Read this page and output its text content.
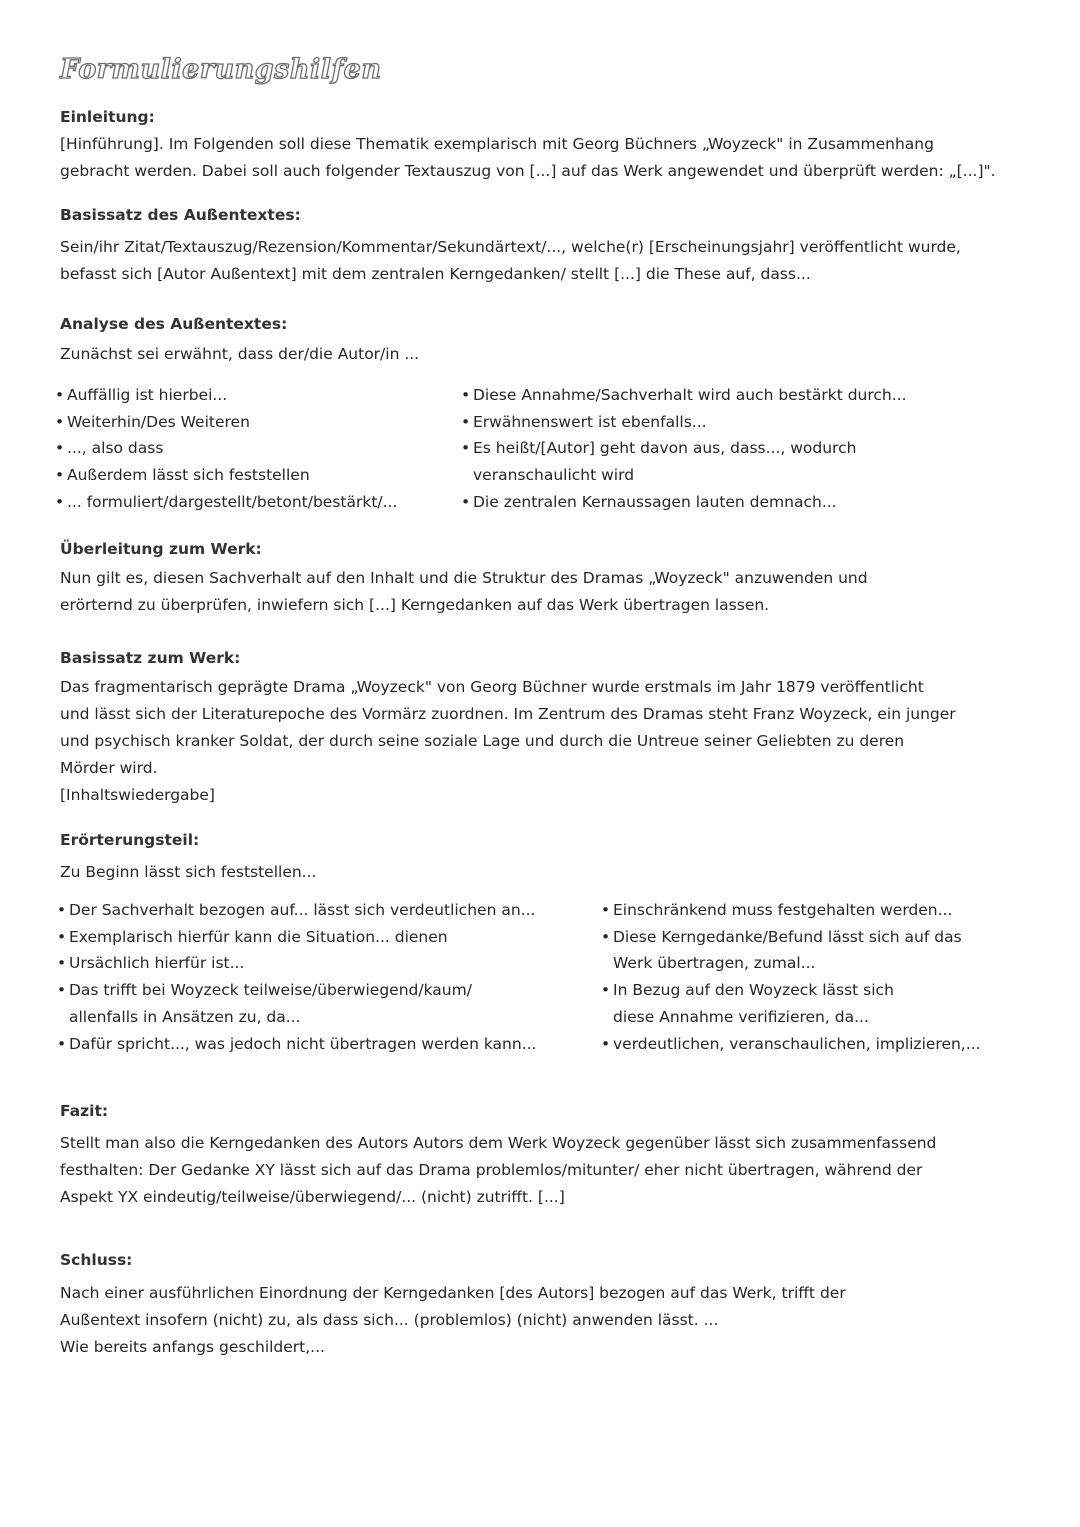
Formulierungshilfen
Einleitung:
[Hinführung]. Im Folgenden soll diese Thematik exemplarisch mit Georg Büchners „Woyzeck" in Zusammenhang
gebracht werden. Dabei soll auch folgender Textauszug von [...] auf das Werk angewendet und überprüft werden: „[...]".
Basissatz des Außentextes:
Sein/ihr Zitat/Textauszug/Rezension/Kommentar/Sekundärtext/..., welche(r) [Erscheinungsjahr] veröffentlicht wurde,
befasst sich [Autor Außentext] mit dem zentralen Kerngedanken/ stellt [...] die These auf, dass...
Analyse des Außentextes:
Zunächst sei erwähnt, dass der/die Autor/in ...
• Auffällig ist hierbei...
• Weiterhin/Des Weiteren
• ..., also dass
• Außerdem lässt sich feststellen
• ... formuliert/dargestellt/betont/bestärkt/...
• Diese Annahme/Sachverhalt wird auch bestärkt durch...
• Erwähnenswert ist ebenfalls...
• Es heißt/[Autor] geht davon aus, dass..., wodurch veranschaulicht wird
• Die zentralen Kernaussagen lauten demnach...
Überleitung zum Werk:
Nun gilt es, diesen Sachverhalt auf den Inhalt und die Struktur des Dramas „Woyzeck" anzuwenden und
erörternd zu überprüfen, inwiefern sich [...] Kerngedanken auf das Werk übertragen lassen.
Basissatz zum Werk:
Das fragmentarisch geprägte Drama „Woyzeck" von Georg Büchner wurde erstmals im Jahr 1879 veröffentlicht
und lässt sich der Literaturepoche des Vormärz zuordnen. Im Zentrum des Dramas steht Franz Woyzeck, ein junger
und psychisch kranker Soldat, der durch seine soziale Lage und durch die Untreue seiner Geliebten zu deren
Mörder wird.
[Inhaltswiedergabe]
Erörterungsteil:
Zu Beginn lässt sich feststellen...
• Der Sachverhalt bezogen auf... lässt sich verdeutlichen an...
• Exemplarisch hierfür kann die Situation... dienen
• Ursächlich hierfür ist...
• Das trifft bei Woyzeck teilweise/überwiegend/kaum/ allenfalls in Ansätzen zu, da...
• Dafür spricht..., was jedoch nicht übertragen werden kann...
• Einschränkend muss festgehalten werden...
• Diese Kerngedanke/Befund lässt sich auf das Werk übertragen, zumal...
• In Bezug auf den Woyzeck lässt sich diese Annahme verifizieren, da...
• verdeutlichen, veranschaulichen, implizieren,...
Fazit:
Stellt man also die Kerngedanken des Autors Autors dem Werk Woyzeck gegenüber lässt sich zusammenfassend
festhalten: Der Gedanke XY lässt sich auf das Drama problemlos/mitunter/ eher nicht übertragen, während der
Aspekt YX eindeutig/teilweise/überwiegend/... (nicht) zutrifft. [...]
Schluss:
Nach einer ausführlichen Einordnung der Kerngedanken [des Autors] bezogen auf das Werk, trifft der
Außentext insofern (nicht) zu, als dass sich... (problemlos) (nicht) anwenden lässt. ...
Wie bereits anfangs geschildert,...
